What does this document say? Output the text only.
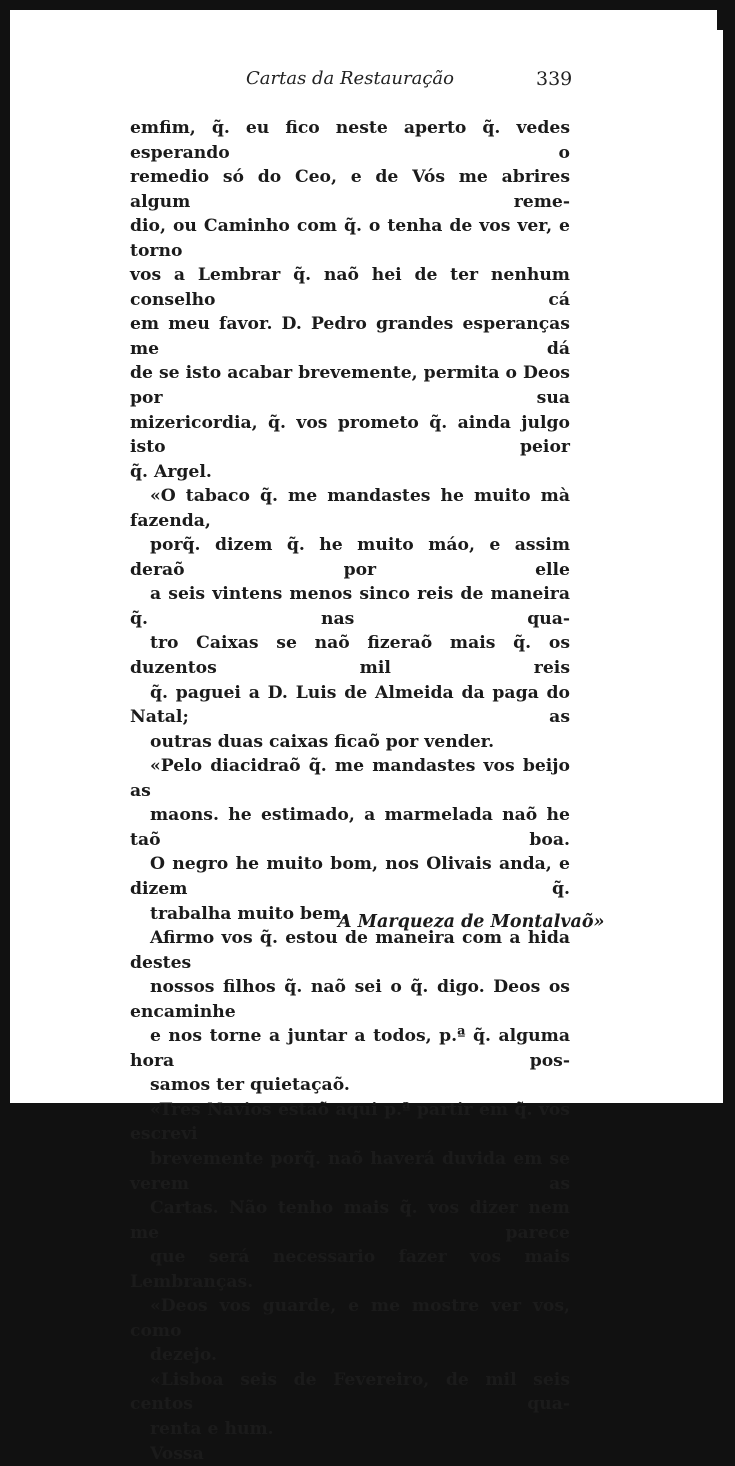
Cartas da Restauração	339

emfim, q̃. eu fico neste aperto q̃. vedes esperando o
remedio só do Ceo, e de Vós me abrires algum reme-
dio, ou Caminho com q̃. o tenha de vos ver, e torno
vos a Lembrar q̃. naõ hei de ter nenhum conselho cá
em meu favor. D. Pedro grandes esperanças me dá
de se isto acabar brevemente, permita o Deos por sua
mizericordia, q̃. vos prometo q̃. ainda julgo isto peior
q̃. Argel.

«O tabaco q̃. me mandastes he muito mà fazenda,
porq̃. dizem q̃. he muito máo, e assim deraõ por elle
a seis vintens menos sinco reis de maneira q̃. nas qua-
tro Caixas se naõ fizeraõ mais q̃. os duzentos mil reis
q̃. paguei a D. Luis de Almeida da paga do Natal; as
outras duas caixas ficaõ por vender.

«Pelo diacidraõ q̃. me mandastes vos beijo as
maons. he estimado, a marmelada naõ he taõ boa.
O negro he muito bom, nos Olivais anda, e dizem q̃.
trabalha muito bem.

Afirmo vos q̃. estou de maneira com a hida destes
nossos filhos q̃. naõ sei o q̃. digo. Deos os encaminhe
e nos torne a juntar a todos, p.ª q̃. alguma hora pos-
samos ter quietaçaõ.

«Tres Navios estaõ aqui p.ª partir em q̃. vos escrevi
brevemente porq̃. naõ haverá duvida em se verem as
Cartas. Não tenho mais q̃. vos dizer nem me parece
que será necessario fazer vos mais Lembranças.

«Deos vos guarde, e me mostre ver vos, como
dezejo.

«Lisboa seis de Fevereiro, de mil seis centos qua-
renta e hum.

Vossa

A Marqueza de Montalvaõ»
